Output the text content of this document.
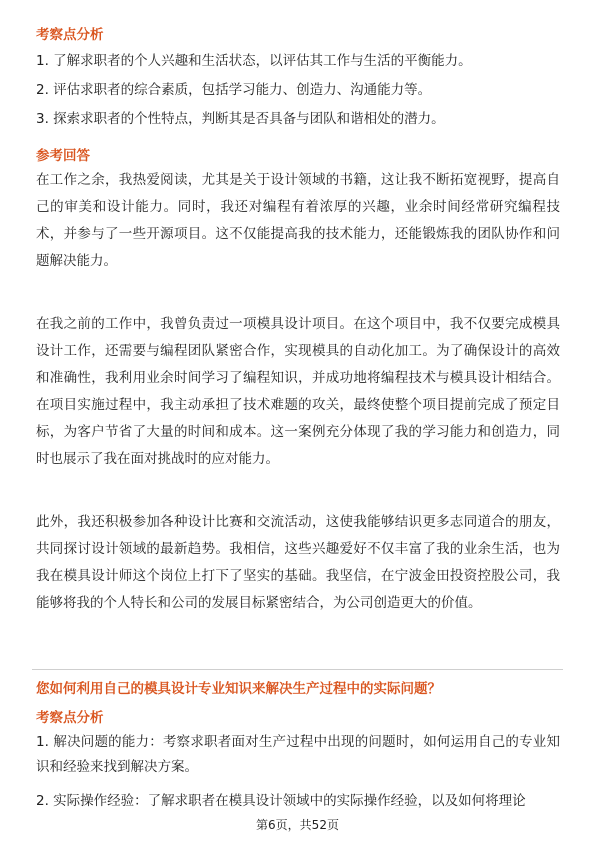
考察点分析
1. 了解求职者的个人兴趣和生活状态，以评估其工作与生活的平衡能力。
2. 评估求职者的综合素质，包括学习能力、创造力、沟通能力等。
3. 探索求职者的个性特点，判断其是否具备与团队和谐相处的潜力。
参考回答
在工作之余，我热爱阅读，尤其是关于设计领域的书籍，这让我不断拓宽视野，提高自己的审美和设计能力。同时，我还对编程有着浓厚的兴趣，业余时间经常研究编程技术，并参与了一些开源项目。这不仅能提高我的技术能力，还能锻炼我的团队协作和问题解决能力。
在我之前的工作中，我曾负责过一项模具设计项目。在这个项目中，我不仅要完成模具设计工作，还需要与编程团队紧密合作，实现模具的自动化加工。为了确保设计的高效和准确性，我利用业余时间学习了编程知识，并成功地将编程技术与模具设计相结合。在项目实施过程中，我主动承担了技术难题的攻关，最终使整个项目提前完成了预定目标，为客户节省了大量的时间和成本。这一案例充分体现了我的学习能力和创造力，同时也展示了我在面对挑战时的应对能力。
此外，我还积极参加各种设计比赛和交流活动，这使我能够结识更多志同道合的朋友，共同探讨设计领域的最新趋势。我相信，这些兴趣爱好不仅丰富了我的业余生活，也为我在模具设计师这个岗位上打下了坚实的基础。我坚信，在宁波金田投资控股公司，我能够将我的个人特长和公司的发展目标紧密结合，为公司创造更大的价值。
您如何利用自己的模具设计专业知识来解决生产过程中的实际问题？
考察点分析
1. 解决问题的能力：考察求职者面对生产过程中出现的问题时，如何运用自己的专业知识和经验来找到解决方案。
2. 实际操作经验：了解求职者在模具设计领域中的实际操作经验，以及如何将理论
第6页，共52页
